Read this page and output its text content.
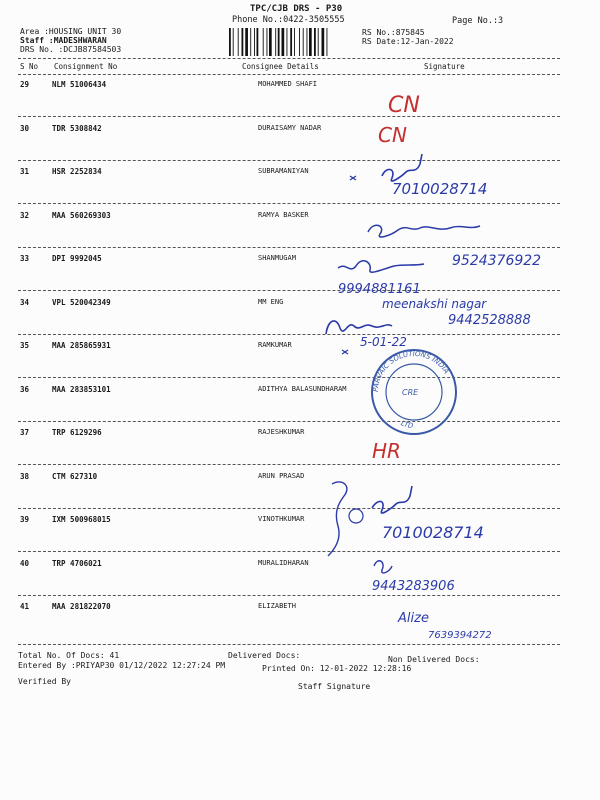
TPC/CJB DRS - P30
Phone No.:0422-3505555	Page No.:3
Area :HOUSING UNIT 30
Staff :MADESHWARAN
DRS No. :DCJB87584503
RS No.:875845
RS Date:12-Jan-2022
S No Consignment No	Consignee Details	Signature
29	NLM 51006434	MOHAMMED SHAFI
30	TDR 5308842	DURAISAMY NADAR
31	HSR 2252834	SUBRAMANIYAN
32	MAA 560269303	RAMYA BASKER
33	DPI 9992045	SHANMUGAM
34	VPL 520042349	MM ENG
35	MAA 285865931	RAMKUMAR
36	MAA 283853101	ADITHYA BALASUNDHARAM
37	TRP 6129296	RAJESHKUMAR
38	CTM 627310	ARUN PRASAD
39	IXM 500968015	VINOTHKUMAR
40	TRP 4706021	MURALIDHARAN
41	MAA 281822070	ELIZABETH
CN
CN
7010028714
9524376922
9994881161
meenakshi nagar
9442528888
5-01-22
PARVAIC SOLUTIONS INDIA
CRE
LTD
HR
7010028714
9443283906
Alize
7639394272
Total No. Of Docs: 41	Delivered Docs:	Non Delivered Docs:
Entered By :PRIYAP30 01/12/2022 12:27:24 PM	Printed On: 12-01-2022 12:28:16
Verified By
Staff Signature
